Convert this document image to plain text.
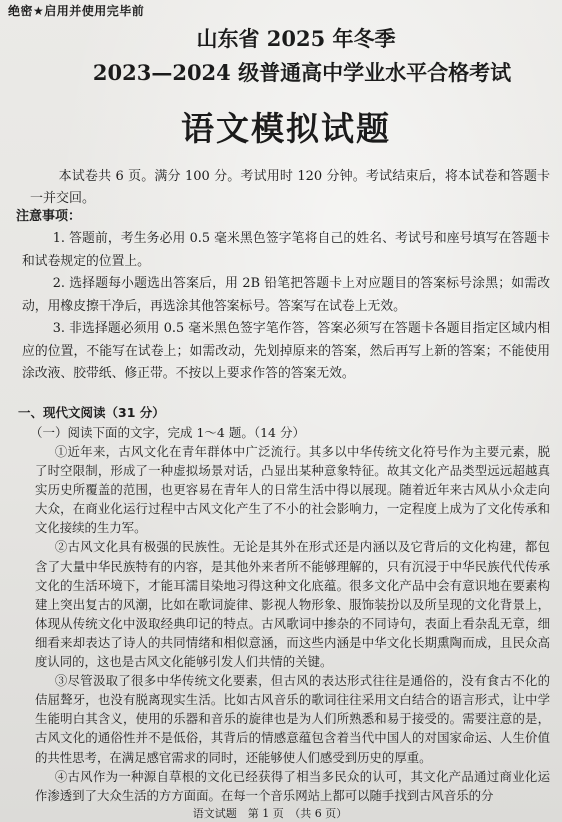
绝密★启用并使用完毕前
山东省 2025 年冬季
2023—2024 级普通高中学业水平合格考试
语文模拟试题
本试卷共 6 页。满分 100 分。考试用时 120 分钟。考试结束后，将本试卷和答题卡一并交回。
注意事项：
1. 答题前，考生务必用 0.5 毫米黑色签字笔将自己的姓名、考试号和座号填写在答题卡和试卷规定的位置上。
2. 选择题每小题选出答案后，用 2B 铅笔把答题卡上对应题目的答案标号涂黑；如需改动，用橡皮擦干净后，再选涂其他答案标号。答案写在试卷上无效。
3. 非选择题必须用 0.5 毫米黑色签字笔作答，答案必须写在答题卡各题目指定区域内相应的位置，不能写在试卷上；如需改动，先划掉原来的答案，然后再写上新的答案；不能使用涂改液、胶带纸、修正带。不按以上要求作答的答案无效。
一、现代文阅读（31 分）
（一）阅读下面的文字，完成 1～4 题。（14 分）

①近年来，古风文化在青年群体中广泛流行。其多以中华传统文化符号作为主要元素，脱了时空限制，形成了一种虚拟场景对话，凸显出某种意象特征。故其文化产品类型远远超越真实历史所覆盖的范围，也更容易在青年人的日常生活中得以展现。随着近年来古风从小众走向大众，在商业化运行过程中古风文化产生了不小的社会影响力，一定程度上成为了文化传承和文化接续的生力军。

②古风文化具有极强的民族性。无论是其外在形式还是内涵以及它背后的文化构建，都包含了大量中华民族特有的内容，是其他外来者所不能够理解的，只有沉浸于中华民族代代传承文化的生活环境下，才能耳濡目染地习得这种文化底蕴。很多文化产品中会有意识地在要素构建上突出复古的风潮，比如在歌词旋律、影视人物形象、服饰装扮以及所呈现的文化背景上，体现从传统文化中汲取经典印记的特点。古风歌词中掺杂的不同诗句，表面上看杂乱无章，细细看来却表达了诗人的共同情绪和相似意涵，而这些内涵是中华文化长期熏陶而成，且民众高度认同的，这也是古风文化能够引发人们共情的关键。

③尽管汲取了很多中华传统文化要素，但古风的表达形式往往是通俗的，没有食古不化的佶屈聱牙，也没有脱离现实生活。比如古风音乐的歌词往往采用文白结合的语言形式，让中学生能明白其含义，使用的乐器和音乐的旋律也是为人们所熟悉和易于接受的。需要注意的是，古风文化的通俗性并不是低俗，其背后的情感意蕴包含着当代中国人的对国家命运、人生价值的共性思考，在满足感官需求的同时，还能够使人们感受到历史的厚重。

④古风作为一种源自草根的文化已经获得了相当多民众的认可，其文化产品通过商业化运作渗透到了大众生活的方方面面。在每一个音乐网站上都可以随手找到古风音乐的分

语文试题　第 1 页　（共 6 页）
